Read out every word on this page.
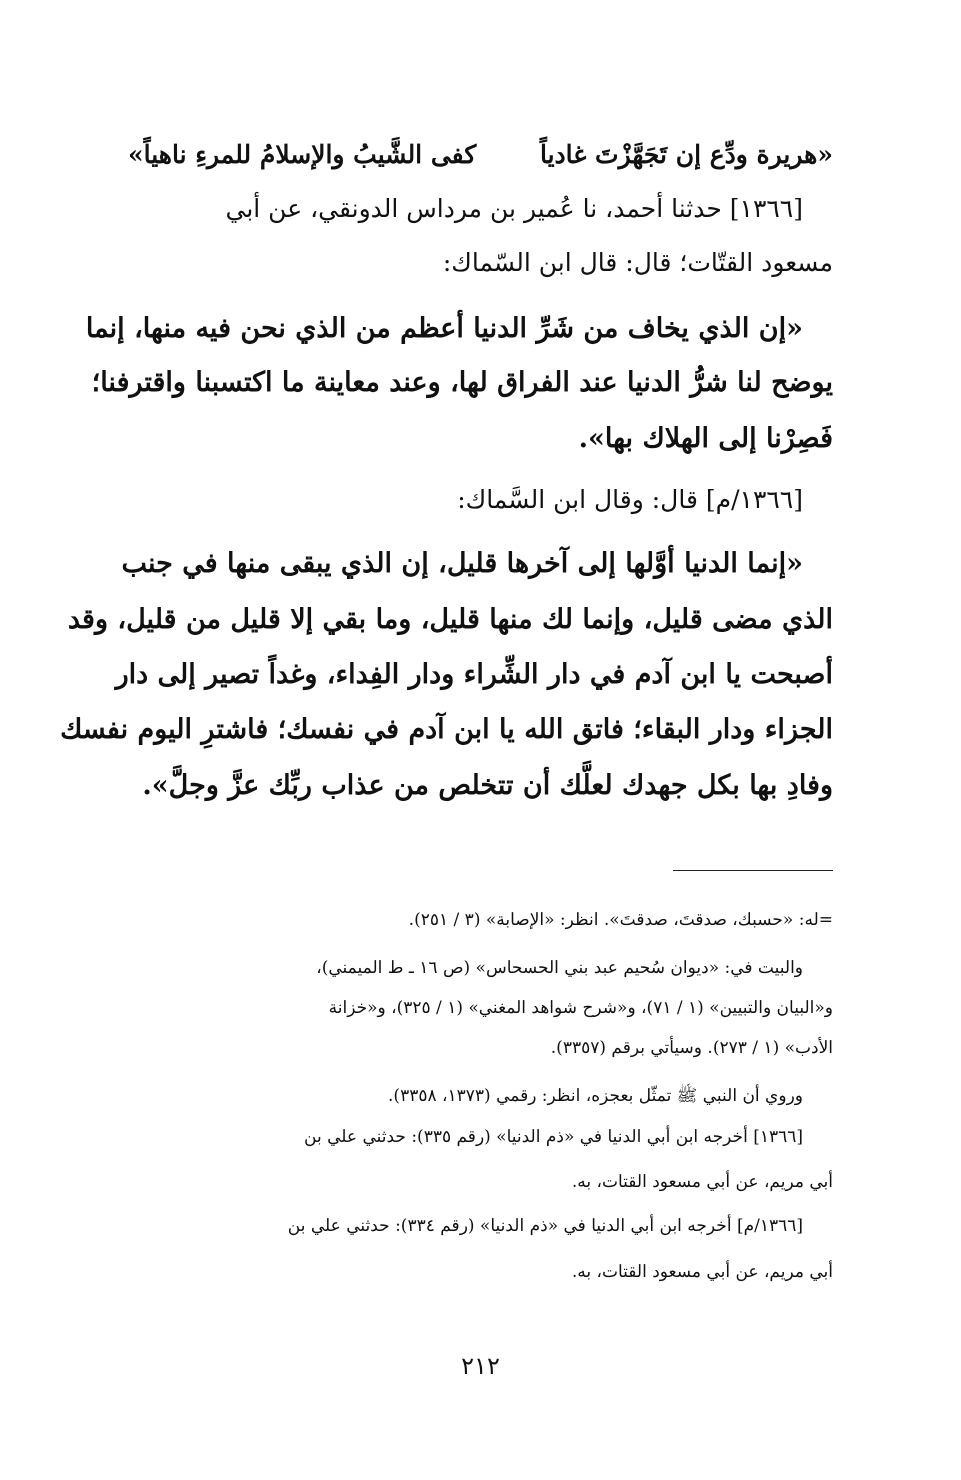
«هريرة ودِّع إن تَجَهَّزْتَ غادياً
كفى الشَّيبُ والإسلامُ للمرءِ ناهياً»
[١٣٦٦] حدثنا أحمد، نا عُمير بن مرداس الدونقي، عن أبي
مسعود القتّات؛ قال: قال ابن السّماك:
«إن الذي يخاف من شَرِّ الدنيا أعظم من الذي نحن فيه منها، إنما
يوضح لنا شرُّ الدنيا عند الفراق لها، وعند معاينة ما اكتسبنا واقترفنا؛
فَصِرْنا إلى الهلاك بها».
[١٣٦٦/م] قال: وقال ابن السَّماك:
«إنما الدنيا أوَّلها إلى آخرها قليل، إن الذي يبقى منها في جنب
الذي مضى قليل، وإنما لك منها قليل، وما بقي إلا قليل من قليل، وقد
أصبحت يا ابن آدم في دار الشِّراء ودار الفِداء، وغداً تصير إلى دار
الجزاء ودار البقاء؛ فاتق الله يا ابن آدم في نفسك؛ فاشترِ اليوم نفسك
وفادِ بها بكل جهدك لعلَّك أن تتخلص من عذاب ربِّك عزَّ وجلَّ».
=له: «حسبك، صدقتَ، صدقتَ». انظر: «الإصابة» (٣ / ٢٥١).
والبيت في: «ديوان سُحيم عبد بني الحسحاس» (ص ١٦ ـ ط الميمني)،
و«البيان والتبيين» (١ / ٧١)، و«شرح شواهد المغني» (١ / ٣٢٥)، و«خزانة
الأدب» (١ / ٢٧٣). وسيأتي برقم (٣٣٥٧).
وروي أن النبي ﷺ تمثّل بعجزه، انظر: رقمي (١٣٧٣، ٣٣٥٨).
[١٣٦٦] أخرجه ابن أبي الدنيا في «ذم الدنيا» (رقم ٣٣٥): حدثني علي بن
أبي مريم، عن أبي مسعود القتات، به.
[١٣٦٦/م] أخرجه ابن أبي الدنيا في «ذم الدنيا» (رقم ٣٣٤): حدثني علي بن
أبي مريم، عن أبي مسعود القتات، به.
٢١٢
